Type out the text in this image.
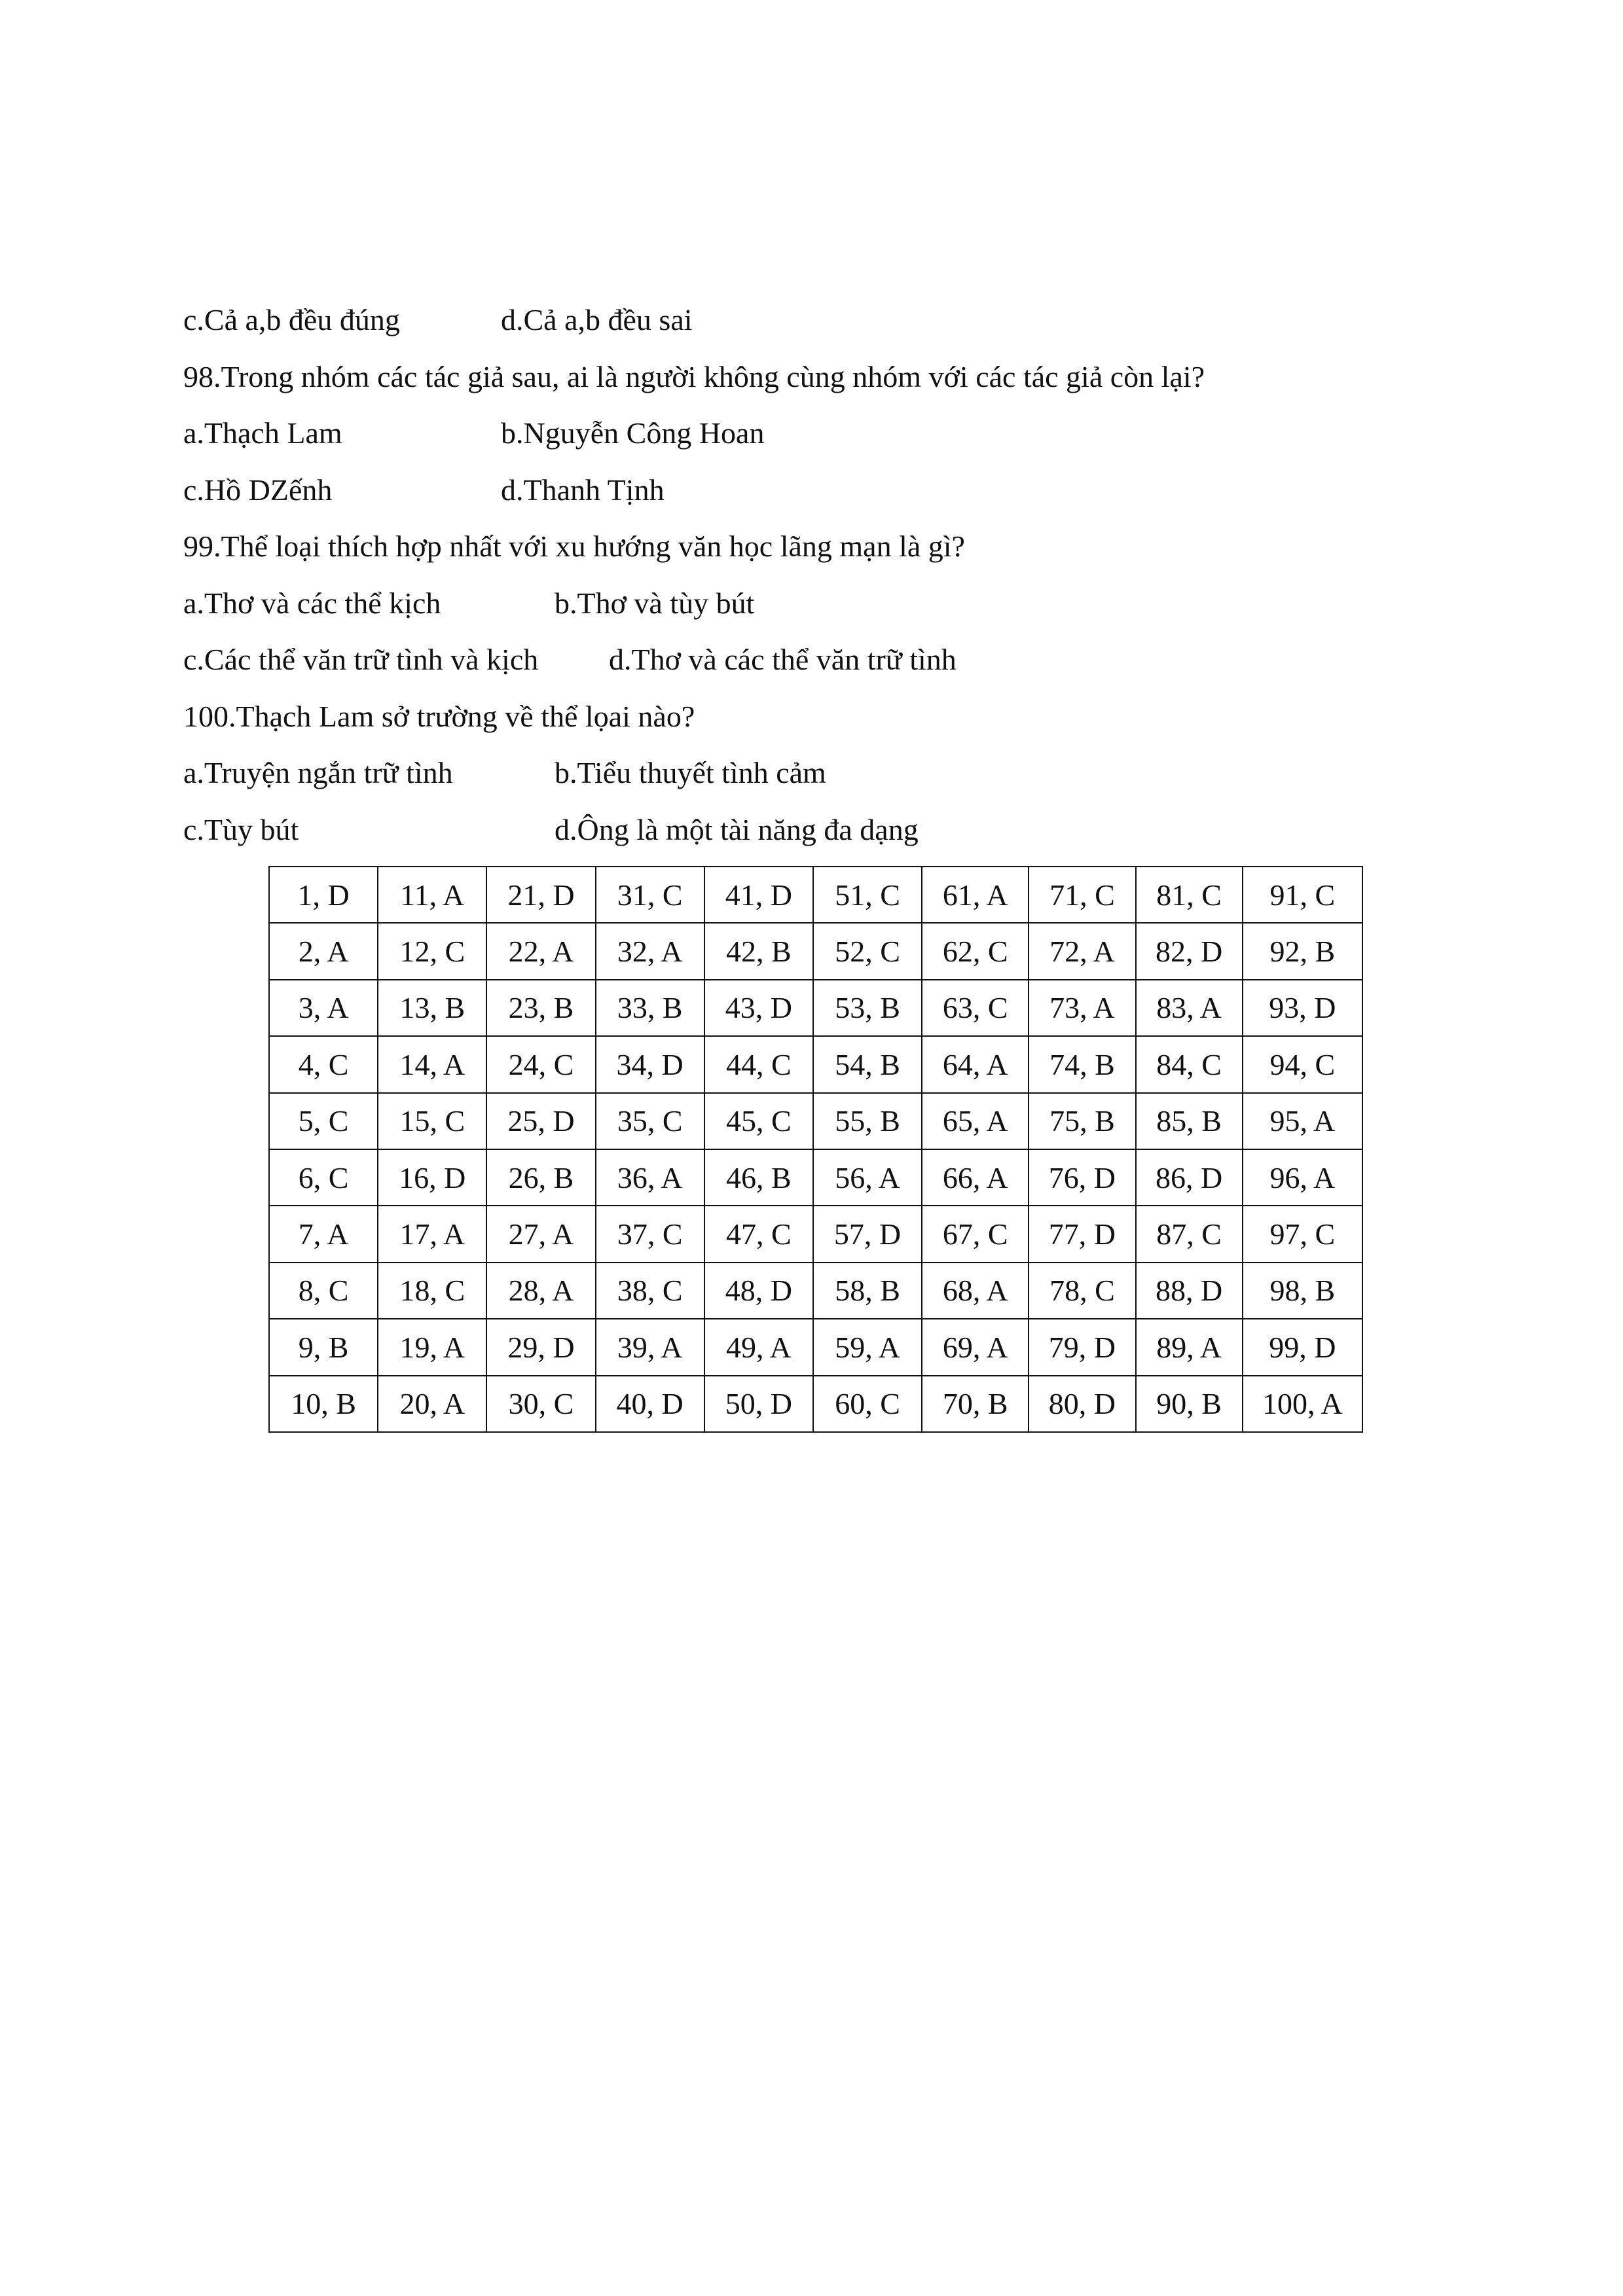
c.Cả a,b đều đúng	d.Cả a,b đều sai
98.Trong nhóm các tác giả sau, ai là người không cùng nhóm với các tác giả còn lại?
a.Thạch Lam	b.Nguyễn Công Hoan
c.Hồ DZếnh	d.Thanh Tịnh
99.Thể loại thích hợp nhất với xu hướng văn học lãng mạn là gì?
a.Thơ và các thể kịch	b.Thơ và tùy bút
c.Các thể văn trữ tình và kịch d.Thơ và các thể văn trữ tình
100.Thạch Lam sở trường về thể lọai nào?
a.Truyện ngắn trữ tình	b.Tiểu thuyết tình cảm
c.Tùy bút	d.Ông là một tài năng đa dạng
1, D	11, A	21, D	31, C	41, D	51, C	61, A	71, C	81, C	91, C
2, A	12, C	22, A	32, A	42, B	52, C	62, C	72, A	82, D	92, B
3, A	13, B	23, B	33, B	43, D	53, B	63, C	73, A	83, A	93, D
4, C	14, A	24, C	34, D	44, C	54, B	64, A	74, B	84, C	94, C
5, C	15, C	25, D	35, C	45, C	55, B	65, A	75, B	85, B	95, A
6, C	16, D	26, B	36, A	46, B	56, A	66, A	76, D	86, D	96, A
7, A	17, A	27, A	37, C	47, C	57, D	67, C	77, D	87, C	97, C
8, C	18, C	28, A	38, C	48, D	58, B	68, A	78, C	88, D	98, B
9, B	19, A	29, D	39, A	49, A	59, A	69, A	79, D	89, A	99, D
10, B	20, A	30, C	40, D	50, D	60, C	70, B	80, D	90, B	100, A
